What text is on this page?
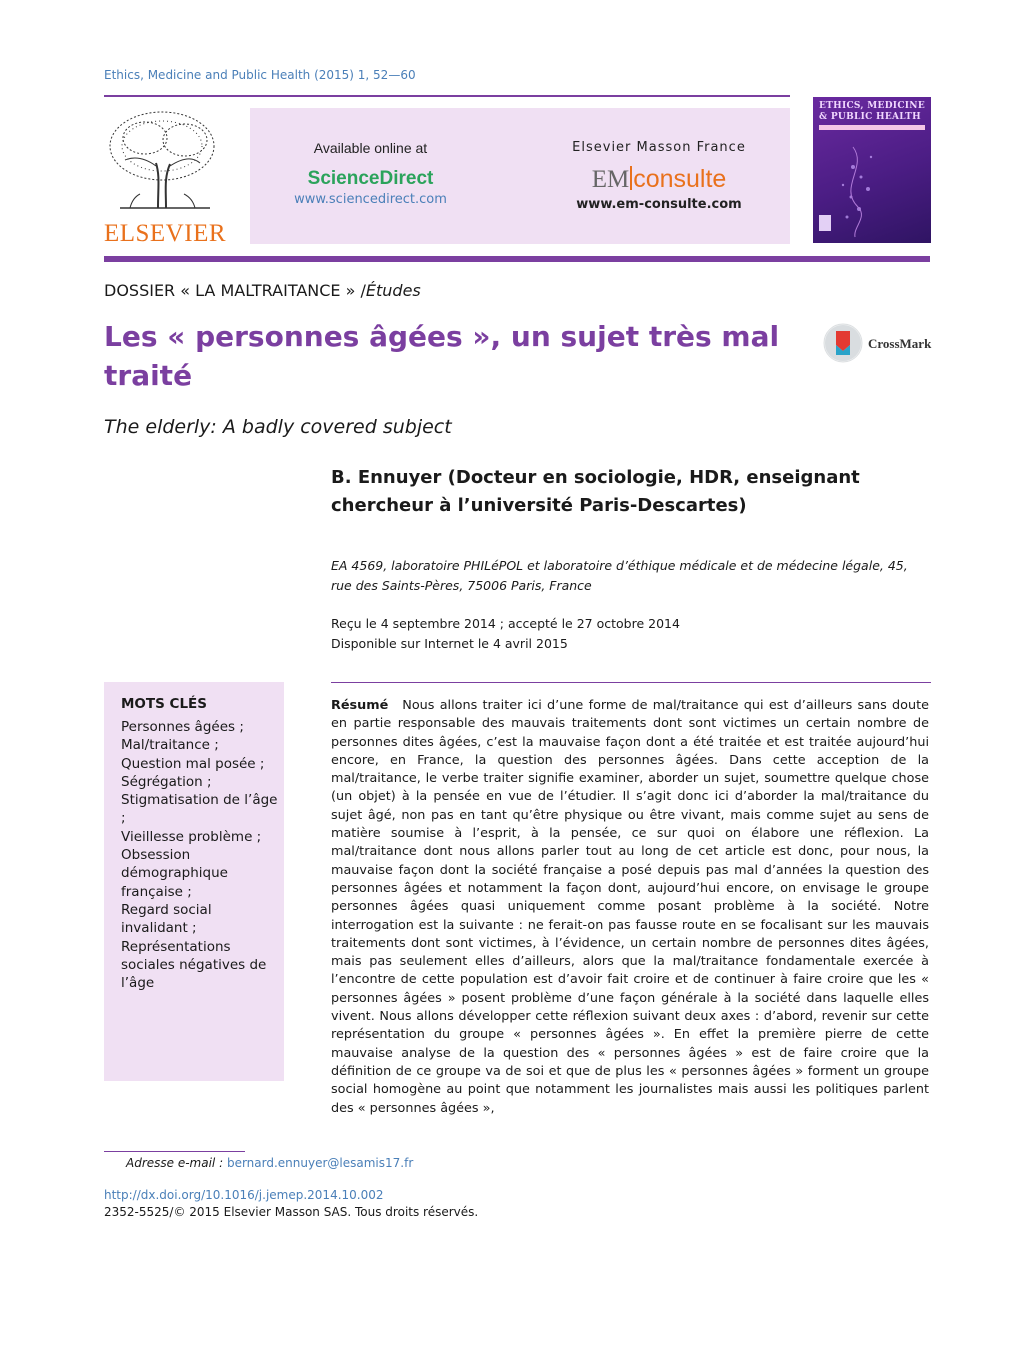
Ethics, Medicine and Public Health (2015) 1, 52—60
ELSEVIER
Available online at
ScienceDirect
www.sciencedirect.com
Elsevier Masson France
EM consulte
www.em-consulte.com
ETHICS, MEDICINE & PUBLIC HEALTH
DOSSIER « LA MALTRAITANCE » /Études
Les « personnes âgées », un sujet très mal traité
CrossMark
The elderly: A badly covered subject
B. Ennuyer (Docteur en sociologie, HDR, enseignant chercheur à l’université Paris-Descartes)
EA 4569, laboratoire PHILéPOL et laboratoire d’éthique médicale et de médecine légale, 45, rue des Saints-Pères, 75006 Paris, France
Reçu le 4 septembre 2014 ; accepté le 27 octobre 2014
Disponible sur Internet le 4 avril 2015
MOTS CLÉS
Personnes âgées ;
Mal/traitance ;
Question mal posée ;
Ségrégation ;
Stigmatisation de l’âge ;
Vieillesse problème ;
Obsession démographique française ;
Regard social invalidant ;
Représentations sociales négatives de l’âge
Résumé Nous allons traiter ici d’une forme de mal/traitance qui est d’ailleurs sans doute en partie responsable des mauvais traitements dont sont victimes un certain nombre de personnes dites âgées, c’est la mauvaise façon dont a été traitée et est traitée aujourd’hui encore, en France, la question des personnes âgées. Dans cette acception de la mal/traitance, le verbe traiter signifie examiner, aborder un sujet, soumettre quelque chose (un objet) à la pensée en vue de l’étudier. Il s’agit donc ici d’aborder la mal/traitance du sujet âgé, non pas en tant qu’être physique ou être vivant, mais comme sujet au sens de matière soumise à l’esprit, à la pensée, ce sur quoi on élabore une réflexion. La mal/traitance dont nous allons parler tout au long de cet article est donc, pour nous, la mauvaise façon dont la société française a posé depuis pas mal d’années la question des personnes âgées et notamment la façon dont, aujourd’hui encore, on envisage le groupe personnes âgées quasi uniquement comme posant problème à la société. Notre interrogation est la suivante : ne ferait-on pas fausse route en se focalisant sur les mauvais traitements dont sont victimes, à l’évidence, un certain nombre de personnes dites âgées, mais pas seulement elles d’ailleurs, alors que la mal/traitance fondamentale exercée à l’encontre de cette population est d’avoir fait croire et de continuer à faire croire que les « personnes âgées » posent problème d’une façon générale à la société dans laquelle elles vivent. Nous allons développer cette réflexion suivant deux axes : d’abord, revenir sur cette représentation du groupe « personnes âgées ». En effet la première pierre de cette mauvaise analyse de la question des « personnes âgées » est de faire croire que la définition de ce groupe va de soi et que de plus les « personnes âgées » forment un groupe social homogène au point que notamment les journalistes mais aussi les politiques parlent des « personnes âgées »,
Adresse e-mail : bernard.ennuyer@lesamis17.fr
http://dx.doi.org/10.1016/j.jemep.2014.10.002
2352-5525/© 2015 Elsevier Masson SAS. Tous droits réservés.
